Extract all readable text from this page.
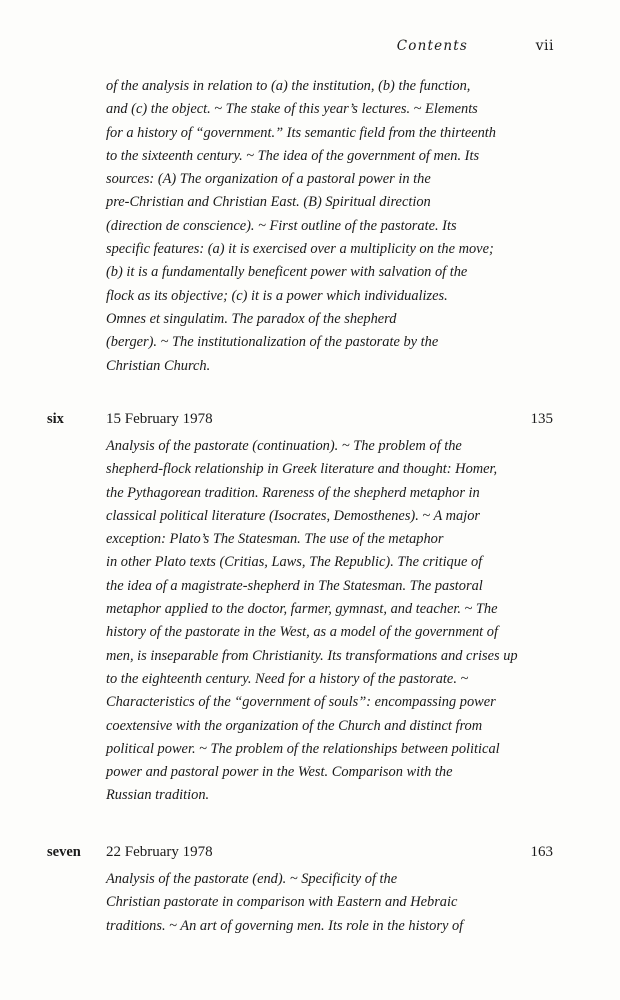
Contents	vii
of the analysis in relation to (a) the institution, (b) the function,
and (c) the object. ~ The stake of this year’s lectures. ~ Elements
for a history of “government.” Its semantic field from the thirteenth
to the sixteenth century. ~ The idea of the government of men. Its
sources: (A) The organization of a pastoral power in the
pre-Christian and Christian East. (B) Spiritual direction
(direction de conscience). ~ First outline of the pastorate. Its
specific features: (a) it is exercised over a multiplicity on the move;
(b) it is a fundamentally beneficent power with salvation of the
flock as its objective; (c) it is a power which individualizes.
Omnes et singulatim. The paradox of the shepherd
(berger). ~ The institutionalization of the pastorate by the
Christian Church.
six	15 February 1978	135
Analysis of the pastorate (continuation). ~ The problem of the
shepherd-flock relationship in Greek literature and thought: Homer,
the Pythagorean tradition. Rareness of the shepherd metaphor in
classical political literature (Isocrates, Demosthenes). ~ A major
exception: Plato’s The Statesman. The use of the metaphor
in other Plato texts (Critias, Laws, The Republic). The critique of
the idea of a magistrate-shepherd in The Statesman. The pastoral
metaphor applied to the doctor, farmer, gymnast, and teacher. ~ The
history of the pastorate in the West, as a model of the government of
men, is inseparable from Christianity. Its transformations and crises up
to the eighteenth century. Need for a history of the pastorate. ~
Characteristics of the “government of souls”: encompassing power
coextensive with the organization of the Church and distinct from
political power. ~ The problem of the relationships between political
power and pastoral power in the West. Comparison with the
Russian tradition.
seven 22 February 1978	163
Analysis of the pastorate (end). ~ Specificity of the
Christian pastorate in comparison with Eastern and Hebraic
traditions. ~ An art of governing men. Its role in the history of
